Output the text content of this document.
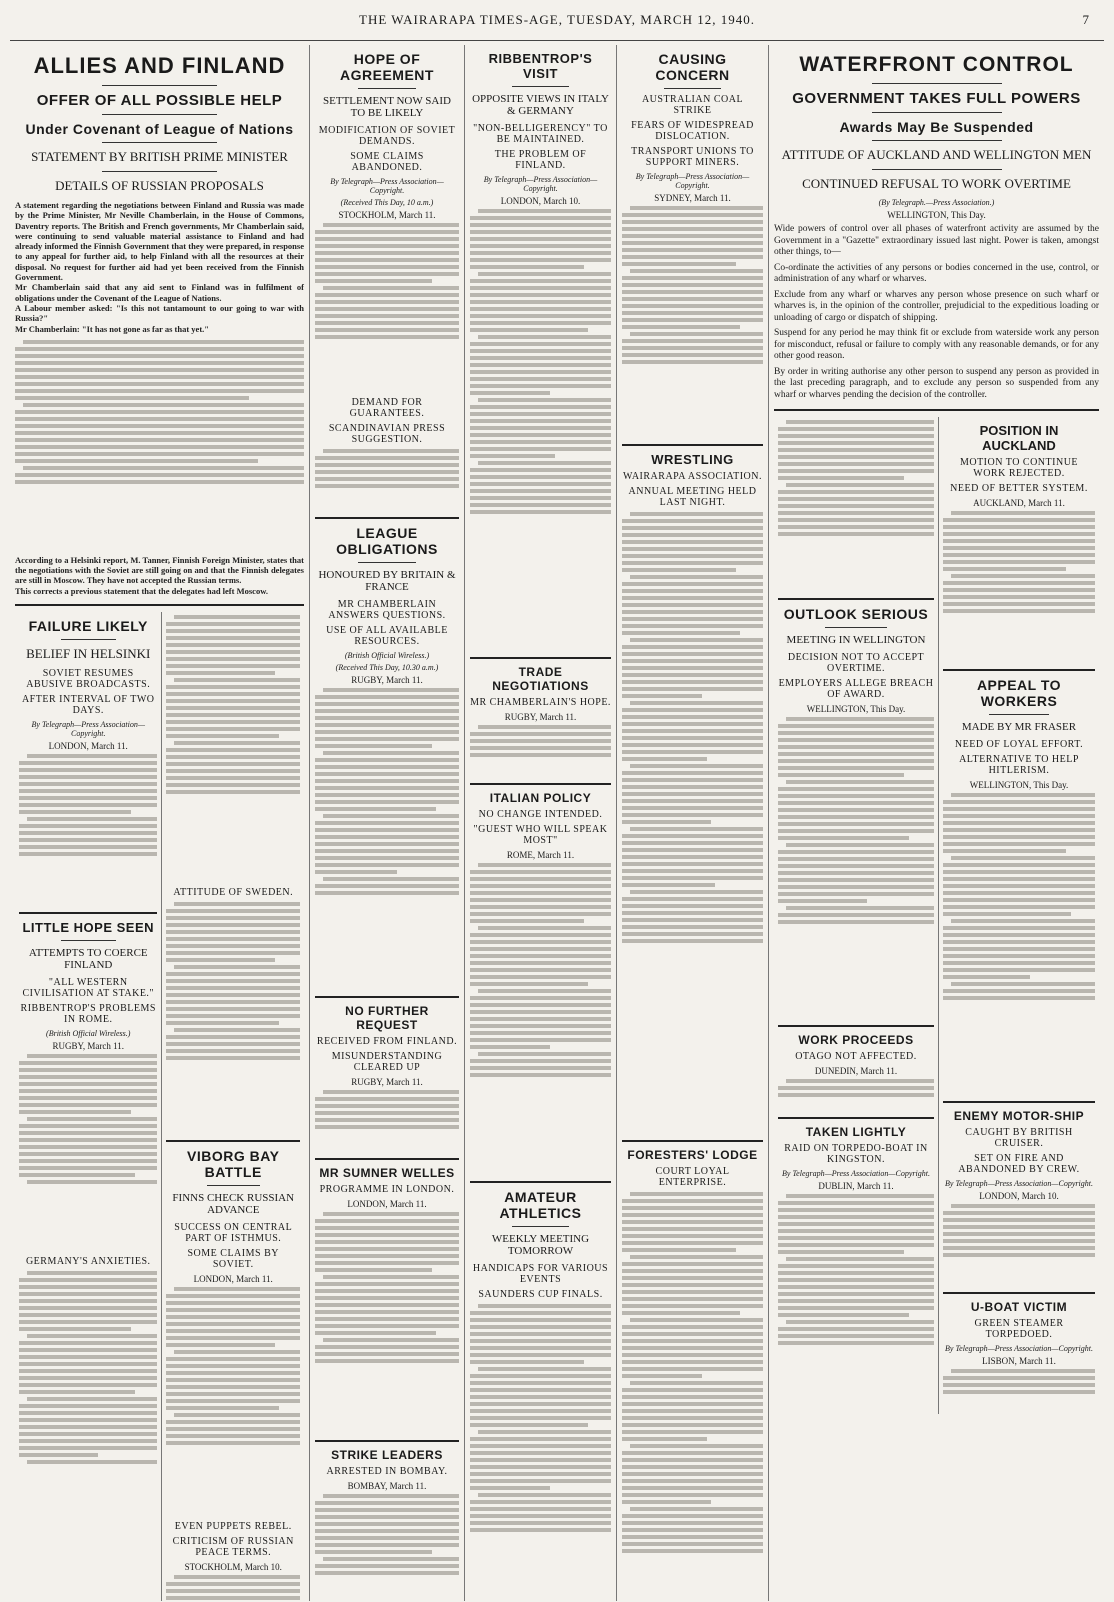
THE WAIRARAPA TIMES-AGE, TUESDAY, MARCH 12, 1940.	7
ALLIES AND FINLAND
OFFER OF ALL POSSIBLE HELP
Under Covenant of League of Nations
STATEMENT BY BRITISH PRIME MINISTER
DETAILS OF RUSSIAN PROPOSALS
A statement regarding the negotiations between Finland and Russia was made by the Prime Minister, Mr Neville Chamberlain, in the House of Commons, Daventry reports. The British and French governments, Mr Chamberlain said, were continuing to send valuable material assistance to Finland and had already informed the Finnish Government that they were prepared, in response to any appeal for further aid, to help Finland with all the resources at their disposal. No request for further aid had yet been received from the Finnish Government.
Mr Chamberlain said that any aid sent to Finland was in fulfilment of obligations under the Covenant of the League of Nations.
A Labour member asked: "Is this not tantamount to our going to war with Russia?"
Mr Chamberlain: "It has not gone as far as that yet."
According to a Helsinki report, M. Tanner, Finnish Foreign Minister, states that the negotiations with the Soviet are still going on and that the Finnish delegates are still in Moscow. They have not accepted the Russian terms.
This corrects a previous statement that the delegates had left Moscow.
FAILURE LIKELY
BELIEF IN HELSINKI
SOVIET RESUMES ABUSIVE BROADCASTS.
AFTER INTERVAL OF TWO DAYS.
By Telegraph—Press Association—Copyright.
LONDON, March 11.
LITTLE HOPE SEEN
ATTEMPTS TO COERCE FINLAND
"ALL WESTERN CIVILISATION AT STAKE."
RIBBENTROP'S PROBLEMS IN ROME.
(British Official Wireless.)
RUGBY, March 11.
GERMANY'S ANXIETIES.
ATTITUDE OF SWEDEN.
VIBORG BAY BATTLE
FINNS CHECK RUSSIAN ADVANCE
SUCCESS ON CENTRAL PART OF ISTHMUS.
SOME CLAIMS BY SOVIET.
LONDON, March 11.
EVEN PUPPETS REBEL.
CRITICISM OF RUSSIAN PEACE TERMS.
STOCKHOLM, March 10.
HOPE OF AGREEMENT
SETTLEMENT NOW SAID TO BE LIKELY
MODIFICATION OF SOVIET DEMANDS.
SOME CLAIMS ABANDONED.
By Telegraph—Press Association—Copyright.
(Received This Day, 10 a.m.)
STOCKHOLM, March 11.
DEMAND FOR GUARANTEES.
SCANDINAVIAN PRESS SUGGESTION.
LEAGUE OBLIGATIONS
HONOURED BY BRITAIN & FRANCE
MR CHAMBERLAIN ANSWERS QUESTIONS.
USE OF ALL AVAILABLE RESOURCES.
(British Official Wireless.)
(Received This Day, 10.30 a.m.)
RUGBY, March 11.
NO FURTHER REQUEST
RECEIVED FROM FINLAND.
MISUNDERSTANDING CLEARED UP
RUGBY, March 11.
MR SUMNER WELLES
PROGRAMME IN LONDON.
LONDON, March 11.
STRIKE LEADERS
ARRESTED IN BOMBAY.
BOMBAY, March 11.
RIBBENTROP'S VISIT
OPPOSITE VIEWS IN ITALY & GERMANY
"NON-BELLIGERENCY" TO BE MAINTAINED.
THE PROBLEM OF FINLAND.
By Telegraph—Press Association—Copyright.
LONDON, March 10.
TRADE NEGOTIATIONS
MR CHAMBERLAIN'S HOPE.
RUGBY, March 11.
ITALIAN POLICY
NO CHANGE INTENDED.
"GUEST WHO WILL SPEAK MOST"
ROME, March 11.
AMATEUR ATHLETICS
WEEKLY MEETING TOMORROW
HANDICAPS FOR VARIOUS EVENTS
SAUNDERS CUP FINALS.
CAUSING CONCERN
AUSTRALIAN COAL STRIKE
FEARS OF WIDESPREAD DISLOCATION.
TRANSPORT UNIONS TO SUPPORT MINERS.
By Telegraph—Press Association—Copyright.
SYDNEY, March 11.
WRESTLING
WAIRARAPA ASSOCIATION.
ANNUAL MEETING HELD LAST NIGHT.
FORESTERS' LODGE
COURT LOYAL ENTERPRISE.
WATERFRONT CONTROL
GOVERNMENT TAKES FULL POWERS
Awards May Be Suspended
ATTITUDE OF AUCKLAND AND WELLINGTON MEN
CONTINUED REFUSAL TO WORK OVERTIME
(By Telegraph.—Press Association.)
WELLINGTON, This Day.
Wide powers of control over all phases of waterfront activity are assumed by the Government in a "Gazette" extraordinary issued last night. Power is taken, amongst other things, to—
Co-ordinate the activities of any persons or bodies concerned in the use, control, or administration of any wharf or wharves.
Exclude from any wharf or wharves any person whose presence on such wharf or wharves is, in the opinion of the controller, prejudicial to the expeditious loading or unloading of cargo or dispatch of shipping.
Suspend for any period he may think fit or exclude from waterside work any person for misconduct, refusal or failure to comply with any reasonable demands, or for any other good reason.
By order in writing authorise any other person to suspend any person as provided in the last preceding paragraph, and to exclude any person so suspended from any wharf or wharves pending the decision of the controller.
OUTLOOK SERIOUS
MEETING IN WELLINGTON
DECISION NOT TO ACCEPT OVERTIME.
EMPLOYERS ALLEGE BREACH OF AWARD.
WELLINGTON, This Day.
WORK PROCEEDS
OTAGO NOT AFFECTED.
DUNEDIN, March 11.
TAKEN LIGHTLY
RAID ON TORPEDO-BOAT IN KINGSTON.
By Telegraph—Press Association—Copyright.
DUBLIN, March 11.
POSITION IN AUCKLAND
MOTION TO CONTINUE WORK REJECTED.
NEED OF BETTER SYSTEM.
AUCKLAND, March 11.
APPEAL TO WORKERS
MADE BY MR FRASER
NEED OF LOYAL EFFORT.
ALTERNATIVE TO HELP HITLERISM.
WELLINGTON, This Day.
ENEMY MOTOR-SHIP
CAUGHT BY BRITISH CRUISER.
SET ON FIRE AND ABANDONED BY CREW.
By Telegraph—Press Association—Copyright.
LONDON, March 10.
U-BOAT VICTIM
GREEN STEAMER TORPEDOED.
By Telegraph—Press Association—Copyright.
LISBON, March 11.
